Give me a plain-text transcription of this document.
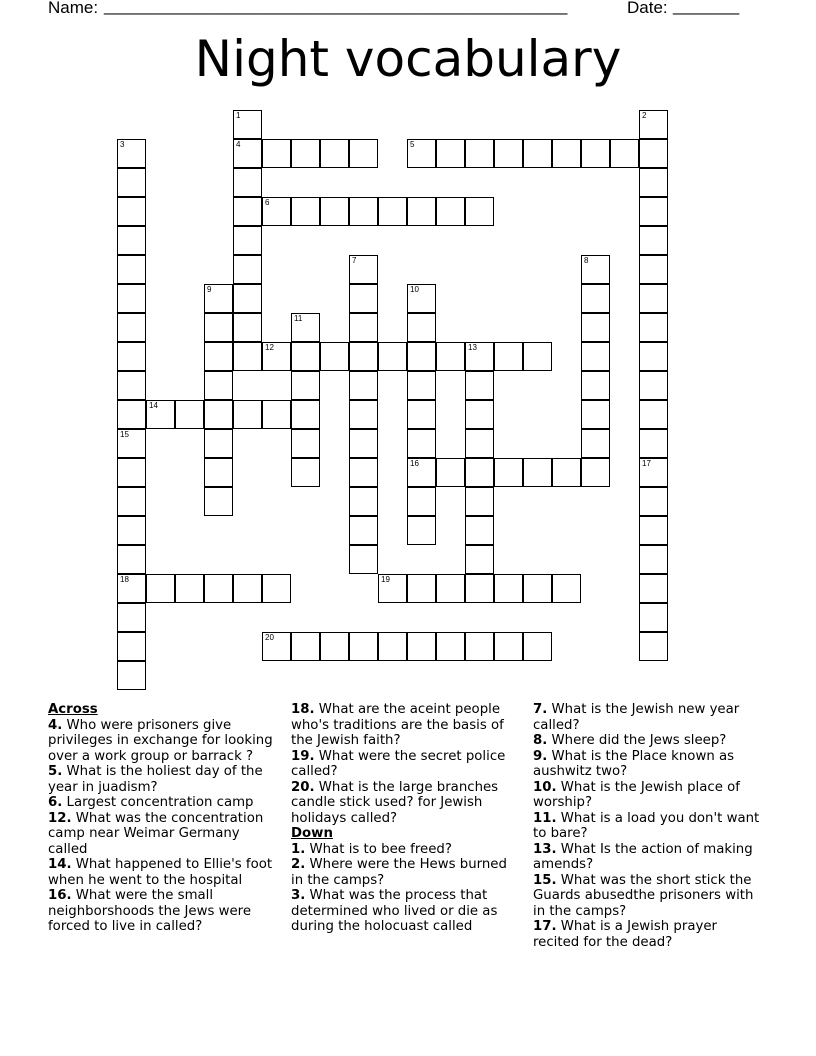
Name: _________________________________________________	Date: _______
Night vocabulary
1
4
2
3	5
6
7	8
9	10
16
11
12	13
14
15
18
17
19
20
Across
4. Who were prisoners give privileges in exchange for looking over a work group or barrack ?
5. What is the holiest day of the year in juadism?
6. Largest concentration camp
12. What was the concentration camp near Weimar Germany called
14. What happened to Ellie's foot when he went to the hospital
16. What were the small neighborshoods the Jews were forced to live in called?
18. What are the aceint people who's traditions are the basis of the Jewish faith?
19. What were the secret police called?
20. What is the large branches candle stick used? for Jewish holidays called?
Down
1. What is to bee freed?
2. Where were the Hews burned in the camps?
3. What was the process that determined who lived or die as during the holocuast called
7. What is the Jewish new year called?
8. Where did the Jews sleep?
9. What is the Place known as aushwitz two?
10. What is the Jewish place of worship?
11. What is a load you don't want to bare?
13. What Is the action of making amends?
15. What was the short stick the Guards abusedthe prisoners with in the camps?
17. What is a Jewish prayer recited for the dead?
